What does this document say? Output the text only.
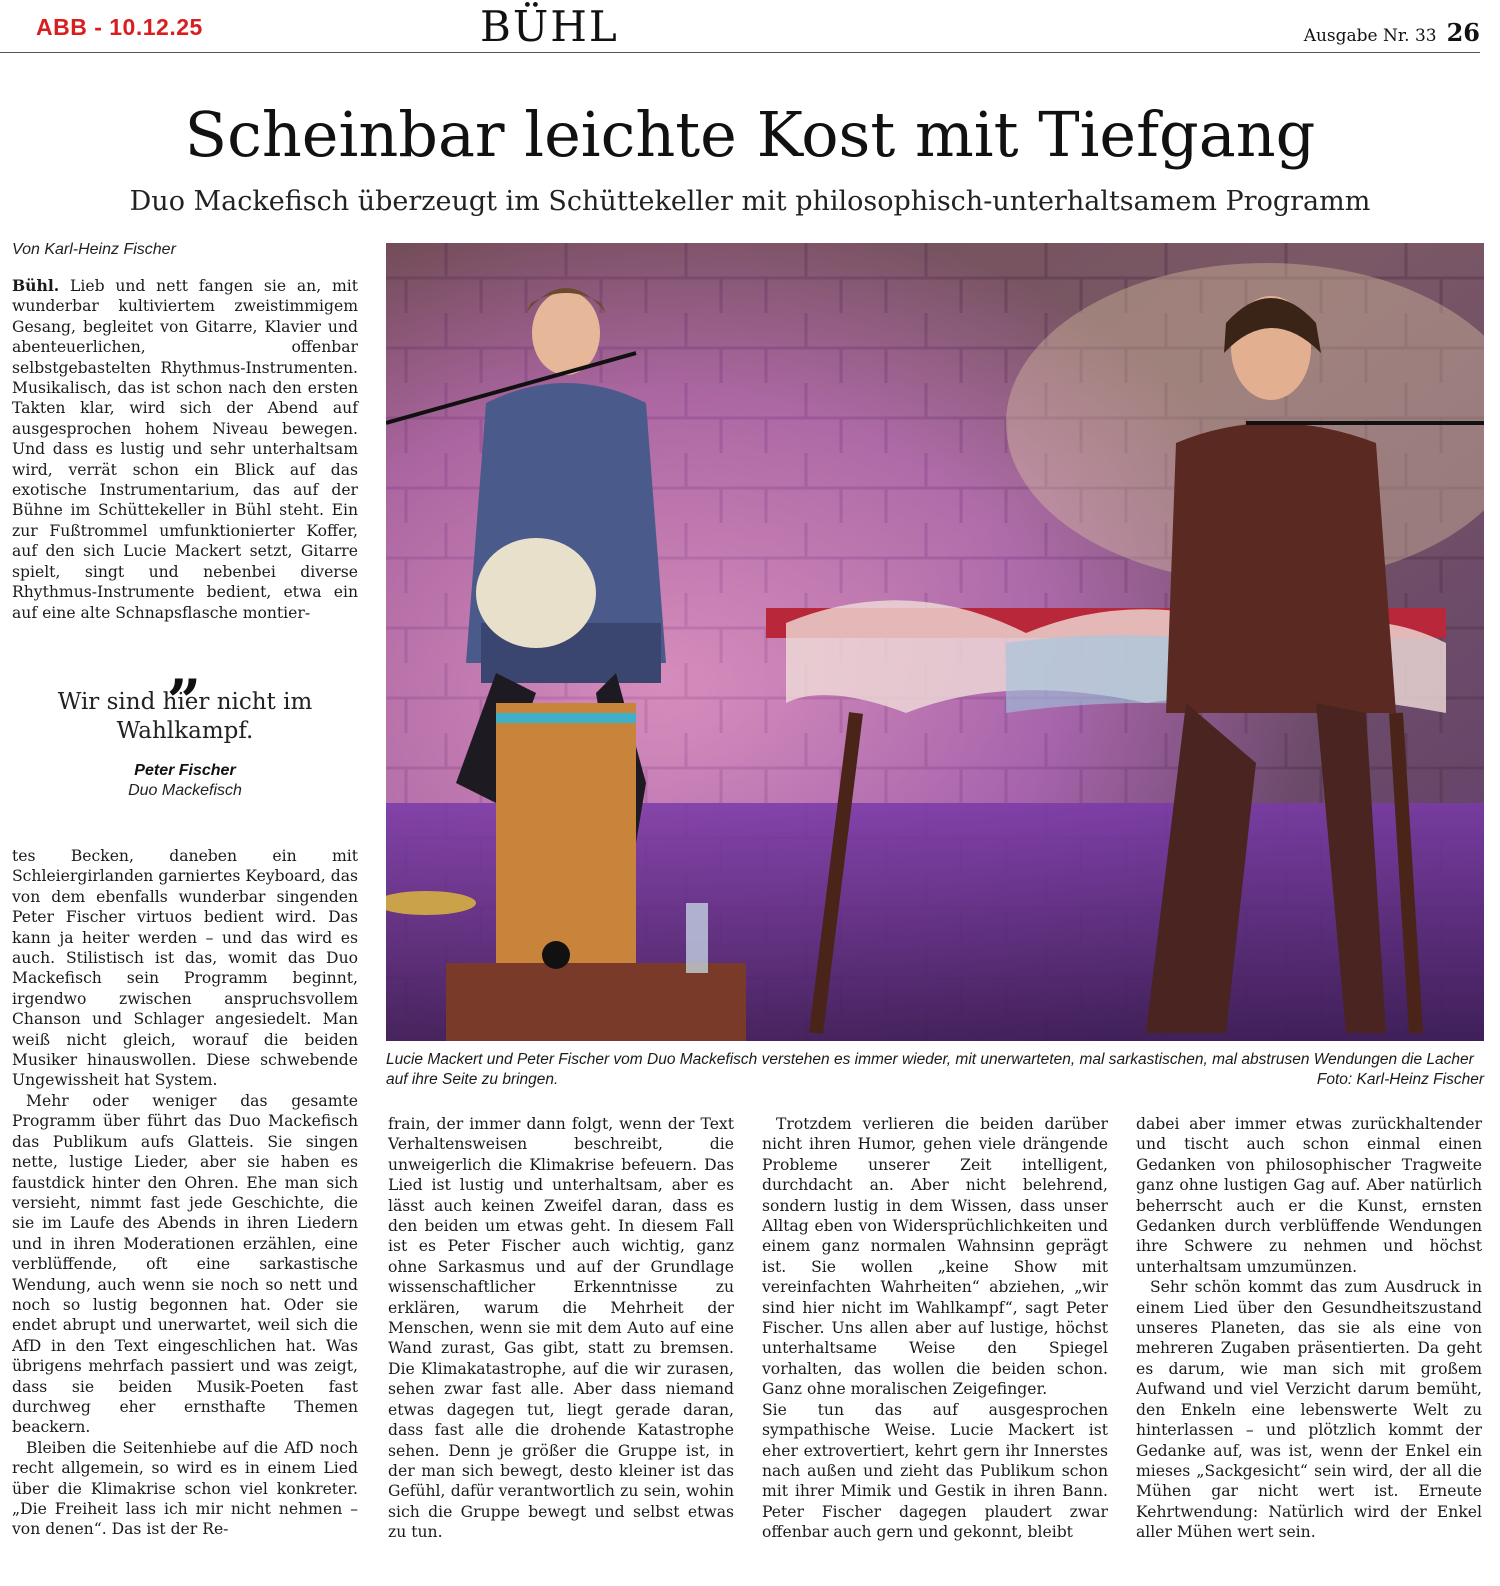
ABB - 10.12.25	BÜHL	Ausgabe Nr. 33 26
Scheinbar leichte Kost mit Tiefgang
Duo Mackefisch überzeugt im Schüttekeller mit philosophisch-unterhaltsamem Programm
Von Karl-Heinz Fischer

Bühl. Lieb und nett fangen sie an, mit wunderbar kultiviertem zweistimmigem Gesang, begleitet von Gitarre, Klavier und abenteuerlichen, offenbar selbstgebastelten Rhythmus-Instrumenten. Musikalisch, das ist schon nach den ersten Takten klar, wird sich der Abend auf ausgesprochen hohem Niveau bewegen. Und dass es lustig und sehr unterhaltsam wird, verrät schon ein Blick auf das exotische Instrumentarium, das auf der Bühne im Schüttekeller in Bühl steht. Ein zur Fußtrommel umfunktionierter Koffer, auf den sich Lucie Mackert setzt, Gitarre spielt, singt und nebenbei diverse Rhythmus-Instrumente bedient, etwa ein auf eine alte Schnapsflasche montier-

„
Wir sind hier nicht im Wahlkampf.
Peter Fischer
Duo Mackefisch

tes Becken, daneben ein mit Schleiergirlanden garniertes Keyboard, das von dem ebenfalls wunderbar singenden Peter Fischer virtuos bedient wird. Das kann ja heiter werden – und das wird es auch. Stilistisch ist das, womit das Duo Mackefisch sein Programm beginnt, irgendwo zwischen anspruchsvollem Chanson und Schlager angesiedelt. Man weiß nicht gleich, worauf die beiden Musiker hinauswollen. Diese schwebende Ungewissheit hat System.

Mehr oder weniger das gesamte Programm über führt das Duo Mackefisch das Publikum aufs Glatteis. Sie singen nette, lustige Lieder, aber sie haben es faustdick hinter den Ohren. Ehe man sich versieht, nimmt fast jede Geschichte, die sie im Laufe des Abends in ihren Liedern und in ihren Moderationen erzählen, eine verblüffende, oft eine sarkastische Wendung, auch wenn sie noch so nett und noch so lustig begonnen hat. Oder sie endet abrupt und unerwartet, weil sich die AfD in den Text eingeschlichen hat. Was übrigens mehrfach passiert und was zeigt, dass sie beiden Musik-Poeten fast durchweg eher ernsthafte Themen beackern.

Bleiben die Seitenhiebe auf die AfD noch recht allgemein, so wird es in einem Lied über die Klimakrise schon viel konkreter. „Die Freiheit lass ich mir nicht nehmen – von denen“. Das ist der Re-

Lucie Mackert und Peter Fischer vom Duo Mackefisch verstehen es immer wieder, mit unerwarteten, mal sarkastischen, mal abstrusen Wendungen die Lacher auf ihre Seite zu bringen.	Foto: Karl-Heinz Fischer

frain, der immer dann folgt, wenn der Text Verhaltensweisen beschreibt, die unweigerlich die Klimakrise befeuern. Das Lied ist lustig und unterhaltsam, aber es lässt auch keinen Zweifel daran, dass es den beiden um etwas geht. In diesem Fall ist es Peter Fischer auch wichtig, ganz ohne Sarkasmus und auf der Grundlage wissenschaftlicher Erkenntnisse zu erklären, warum die Mehrheit der Menschen, wenn sie mit dem Auto auf eine Wand zurast, Gas gibt, statt zu bremsen. Die Klimakatastrophe, auf die wir zurasen, sehen zwar fast alle. Aber dass niemand etwas dagegen tut, liegt gerade daran, dass fast alle die drohende Katastrophe sehen. Denn je größer die Gruppe ist, in der man sich bewegt, desto kleiner ist das Gefühl, dafür verantwortlich zu sein, wohin sich die Gruppe bewegt und selbst etwas zu tun.

Trotzdem verlieren die beiden darüber nicht ihren Humor, gehen viele drängende Probleme unserer Zeit intelligent, durchdacht an. Aber nicht belehrend, sondern lustig in dem Wissen, dass unser Alltag eben von Widersprüchlichkeiten und einem ganz normalen Wahnsinn geprägt ist. Sie wollen „keine Show mit vereinfachten Wahrheiten“ abziehen, „wir sind hier nicht im Wahlkampf“, sagt Peter Fischer. Uns allen aber auf lustige, höchst unterhaltsame Weise den Spiegel vorhalten, das wollen die beiden schon. Ganz ohne moralischen Zeigefinger.

Sie tun das auf ausgesprochen sympathische Weise. Lucie Mackert ist eher extrovertiert, kehrt gern ihr Innerstes nach außen und zieht das Publikum schon mit ihrer Mimik und Gestik in ihren Bann. Peter Fischer dagegen plaudert zwar offenbar auch gern und gekonnt, bleibt

dabei aber immer etwas zurückhaltender und tischt auch schon einmal einen Gedanken von philosophischer Tragweite ganz ohne lustigen Gag auf. Aber natürlich beherrscht auch er die Kunst, ernsten Gedanken durch verblüffende Wendungen ihre Schwere zu nehmen und höchst unterhaltsam umzumünzen.

Sehr schön kommt das zum Ausdruck in einem Lied über den Gesundheitszustand unseres Planeten, das sie als eine von mehreren Zugaben präsentierten. Da geht es darum, wie man sich mit großem Aufwand und viel Verzicht darum bemüht, den Enkeln eine lebenswerte Welt zu hinterlassen – und plötzlich kommt der Gedanke auf, was ist, wenn der Enkel ein mieses „Sackgesicht“ sein wird, der all die Mühen gar nicht wert ist. Erneute Kehrtwendung: Natürlich wird der Enkel aller Mühen wert sein.
